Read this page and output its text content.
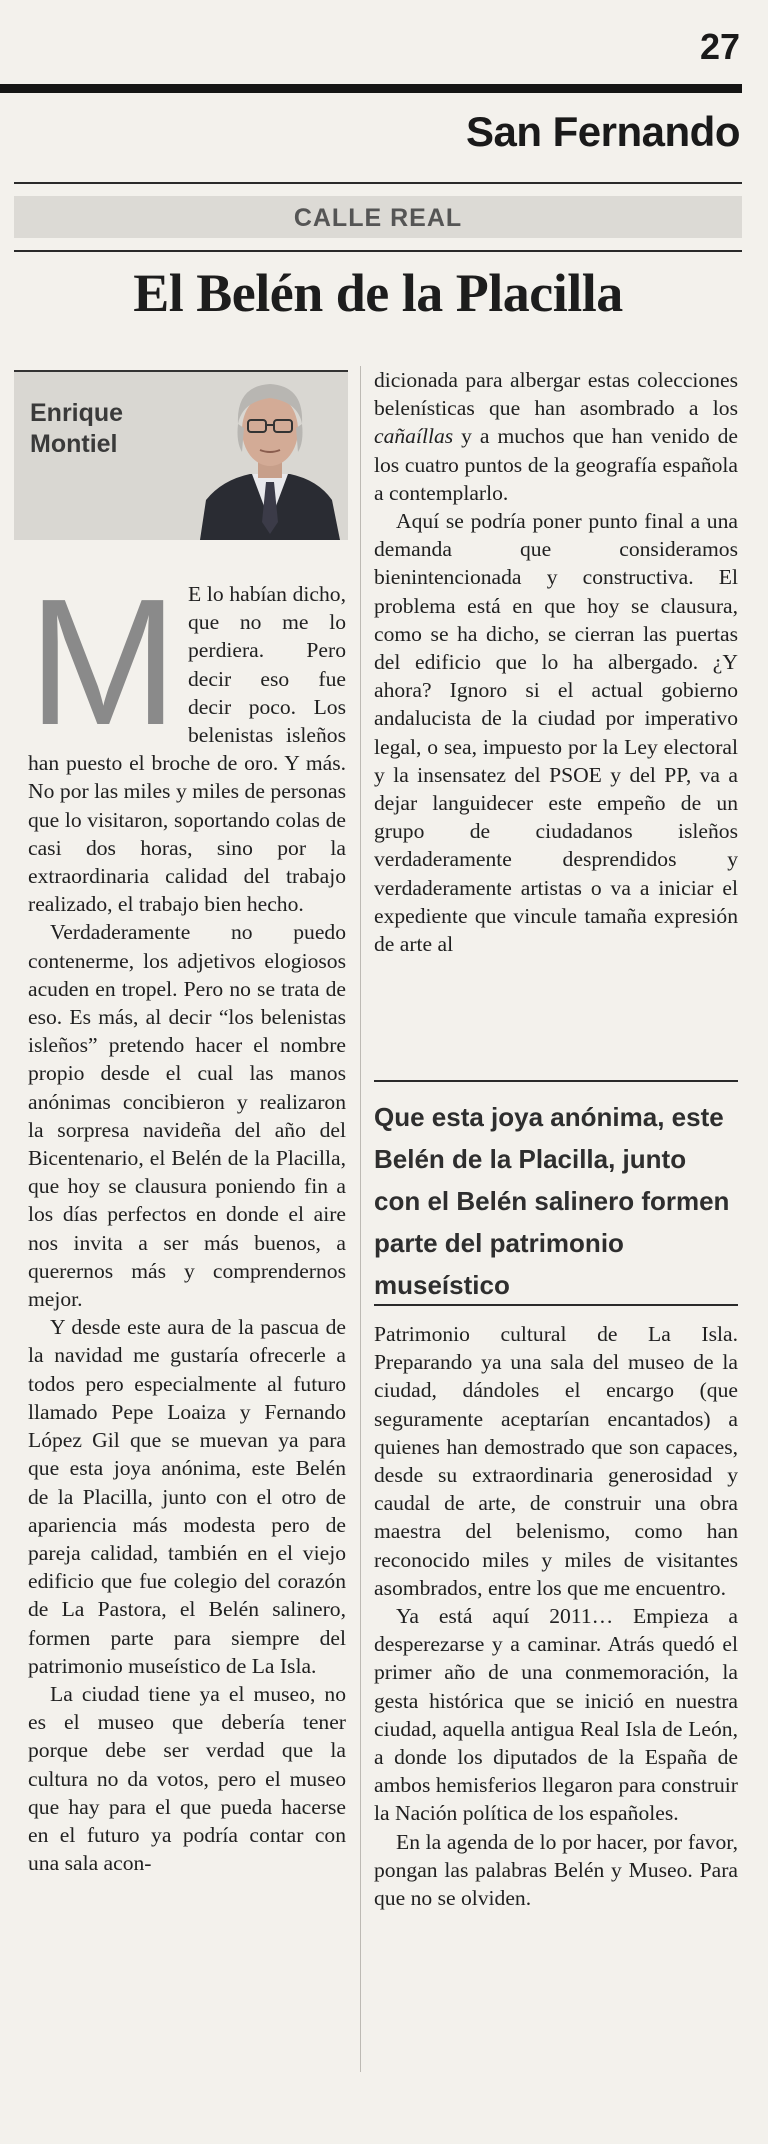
27
San Fernando
CALLE REAL
El Belén de la Placilla
Enrique
Montiel
M E lo habían dicho, que no me lo perdiera. Pero decir eso fue decir poco. Los belenistas isleños han puesto el broche de oro. Y más. No por las miles y miles de personas que lo visitaron, soportando colas de casi dos horas, sino por la extraordinaria calidad del trabajo realizado, el trabajo bien hecho.

Verdaderamente no puedo contenerme, los adjetivos elogiosos acuden en tropel. Pero no se trata de eso. Es más, al decir “los belenistas isleños” pretendo hacer el nombre propio desde el cual las manos anónimas concibieron y realizaron la sorpresa navideña del año del Bicentenario, el Belén de la Placilla, que hoy se clausura poniendo fin a los días perfectos en donde el aire nos invita a ser más buenos, a querernos más y comprendernos mejor.

Y desde este aura de la pascua de la navidad me gustaría ofrecerle a todos pero especialmente al futuro llamado Pepe Loaiza y Fernando López Gil que se muevan ya para que esta joya anónima, este Belén de la Placilla, junto con el otro de apariencia más modesta pero de pareja calidad, también en el viejo edificio que fue colegio del corazón de La Pastora, el Belén salinero, formen parte para siempre del patrimonio museístico de La Isla.

La ciudad tiene ya el museo, no es el museo que debería tener porque debe ser verdad que la cultura no da votos, pero el museo que hay para el que pueda hacerse en el futuro ya podría contar con una sala acon-

dicionada para albergar estas colecciones belenísticas que han asombrado a los cañaíllas y a muchos que han venido de los cuatro puntos de la geografía española a contemplarlo.

Aquí se podría poner punto final a una demanda que consideramos bienintencionada y constructiva. El problema está en que hoy se clausura, como se ha dicho, se cierran las puertas del edificio que lo ha albergado. ¿Y ahora? Ignoro si el actual gobierno andalucista de la ciudad por imperativo legal, o sea, impuesto por la Ley electoral y la insensatez del PSOE y del PP, va a dejar languidecer este empeño de un grupo de ciudadanos isleños verdaderamente desprendidos y verdaderamente artistas o va a iniciar el expediente que vincule tamaña expresión de arte al

Que esta joya anónima, este Belén de la Placilla, junto con el Belén salinero formen parte del patrimonio museístico

Patrimonio cultural de La Isla. Preparando ya una sala del museo de la ciudad, dándoles el encargo (que seguramente aceptarían encantados) a quienes han demostrado que son capaces, desde su extraordinaria generosidad y caudal de arte, de construir una obra maestra del belenismo, como han reconocido miles y miles de visitantes asombrados, entre los que me encuentro.

Ya está aquí 2011… Empieza a desperezarse y a caminar. Atrás quedó el primer año de una conmemoración, la gesta histórica que se inició en nuestra ciudad, aquella antigua Real Isla de León, a donde los diputados de la España de ambos hemisferios llegaron para construir la Nación política de los españoles.

En la agenda de lo por hacer, por favor, pongan las palabras Belén y Museo. Para que no se olviden.
